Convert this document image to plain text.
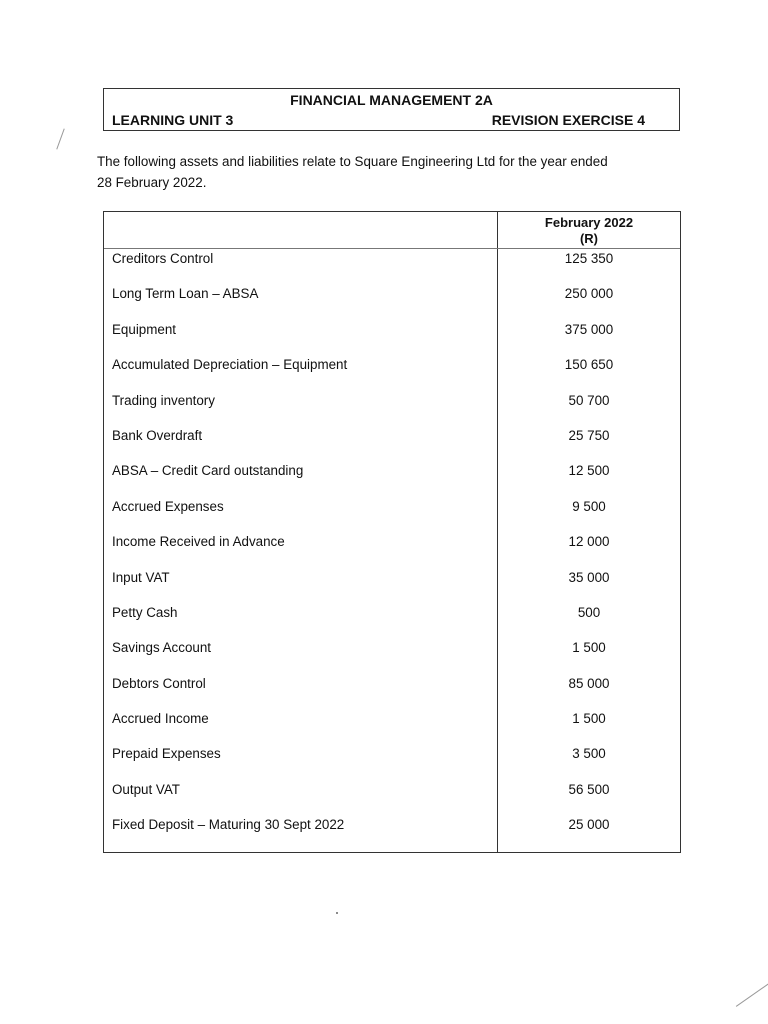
FINANCIAL MANAGEMENT 2A
LEARNING UNIT 3	REVISION EXERCISE 4
The following assets and liabilities relate to Square Engineering Ltd for the year ended
28 February 2022.
February 2022
(R)
Creditors Control	125 350
Long Term Loan – ABSA	250 000
Equipment	375 000
Accumulated Depreciation – Equipment	150 650
Trading inventory	50 700
Bank Overdraft	25 750
ABSA – Credit Card outstanding	12 500
Accrued Expenses	9 500
Income Received in Advance	12 000
Input VAT	35 000
Petty Cash	500
Savings Account	1 500
Debtors Control	85 000
Accrued Income	1 500
Prepaid Expenses	3 500
Output VAT	56 500
Fixed Deposit – Maturing 30 Sept 2022	25 000
